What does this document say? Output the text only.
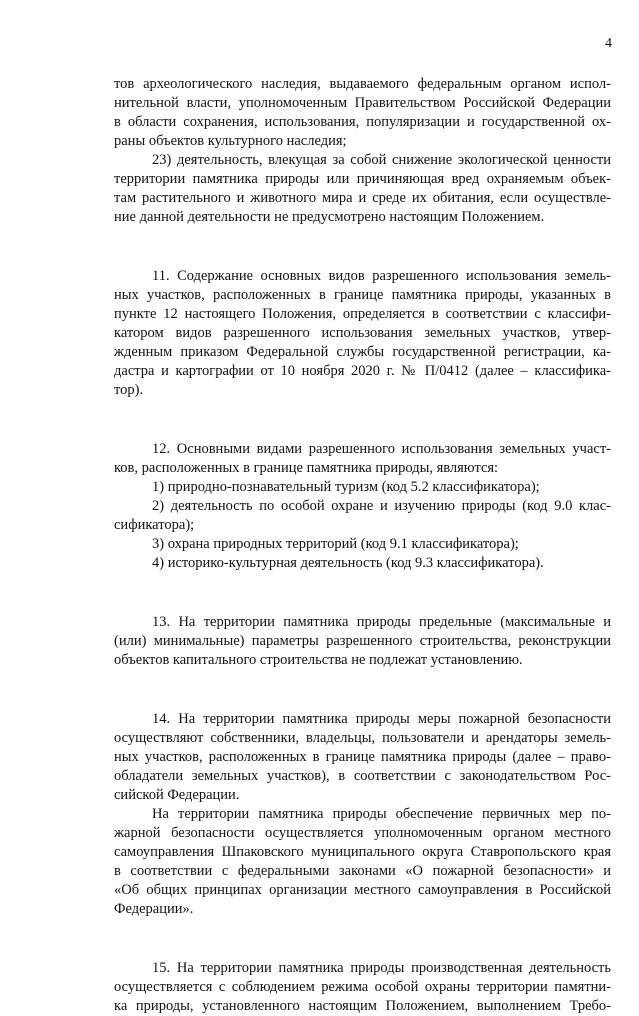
4
тов археологического наследия, выдаваемого федеральным органом испол-
нительной власти, уполномоченным Правительством Российской Федерации
в области сохранения, использования, популяризации и государственной ох-
раны объектов культурного наследия;
23) деятельность, влекущая за собой снижение экологической ценности
территории памятника природы или причиняющая вред охраняемым объек-
там растительного и животного мира и среде их обитания, если осуществле-
ние данной деятельности не предусмотрено настоящим Положением.
11. Содержание основных видов разрешенного использования земель-
ных участков, расположенных в границе памятника природы, указанных в
пункте 12 настоящего Положения, определяется в соответствии с классифи-
катором видов разрешенного использования земельных участков, утвер-
жденным приказом Федеральной службы государственной регистрации, ка-
дастра и картографии от 10 ноября 2020 г. № П/0412 (далее – классифика-
тор).
12. Основными видами разрешенного использования земельных участ-
ков, расположенных в границе памятника природы, являются:
1) природно-познавательный туризм (код 5.2 классификатора);
2) деятельность по особой охране и изучению природы (код 9.0 клас-
сификатора);
3) охрана природных территорий (код 9.1 классификатора);
4) историко-культурная деятельность (код 9.3 классификатора).
13. На территории памятника природы предельные (максимальные и
(или) минимальные) параметры разрешенного строительства, реконструкции
объектов капитального строительства не подлежат установлению.
14. На территории памятника природы меры пожарной безопасности
осуществляют собственники, владельцы, пользователи и арендаторы земель-
ных участков, расположенных в границе памятника природы (далее – право-
обладатели земельных участков), в соответствии с законодательством Рос-
сийской Федерации.
На территории памятника природы обеспечение первичных мер по-
жарной безопасности осуществляется уполномоченным органом местного
самоуправления Шпаковского муниципального округа Ставропольского края
в соответствии с федеральными законами «О пожарной безопасности» и
«Об общих принципах организации местного самоуправления в Российской
Федерации».
15. На территории памятника природы производственная деятельность
осуществляется с соблюдением режима особой охраны территории памятни-
ка природы, установленного настоящим Положением, выполнением Требо-
